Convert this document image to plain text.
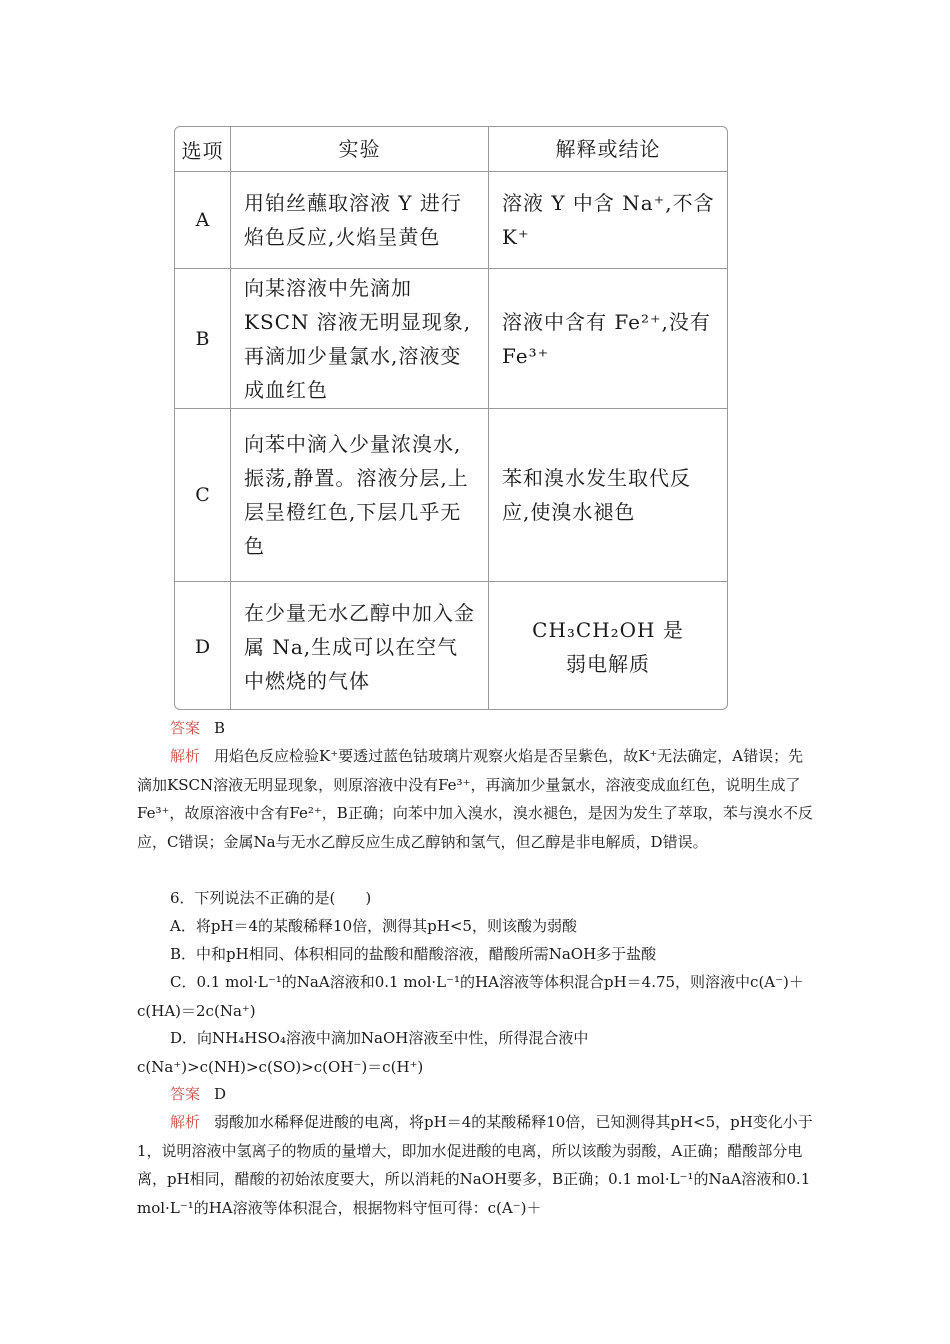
选项	实验	解释或结论
A
用铂丝蘸取溶液 Y 进行焰色反应,火焰呈黄色
溶液 Y 中含 Na⁺,不含 K⁺
B
向某溶液中先滴加 KSCN 溶液无明显现象,再滴加少量氯水,溶液变成血红色
溶液中含有 Fe²⁺,没有 Fe³⁺
C
向苯中滴入少量浓溴水,振荡,静置。溶液分层,上层呈橙红色,下层几乎无色
苯和溴水发生取代反应,使溴水褪色
D
在少量无水乙醇中加入金属 Na,生成可以在空气中燃烧的气体
CH₃CH₂OH 是弱电解质

答案 B

解析 用焰色反应检验K⁺要透过蓝色钴玻璃片观察火焰是否呈紫色，故K⁺无法确定，A错误；先滴加KSCN溶液无明显现象，则原溶液中没有Fe³⁺，再滴加少量氯水，溶液变成血红色，说明生成了Fe³⁺，故原溶液中含有Fe²⁺，B正确；向苯中加入溴水，溴水褪色，是因为发生了萃取，苯与溴水不反应，C错误；金属Na与无水乙醇反应生成乙醇钠和氢气，但乙醇是非电解质，D错误。

6．下列说法不正确的是(　　)

A．将pH＝4的某酸稀释10倍，测得其pH<5，则该酸为弱酸

B．中和pH相同、体积相同的盐酸和醋酸溶液，醋酸所需NaOH多于盐酸

C．0.1 mol·L⁻¹的NaA溶液和0.1 mol·L⁻¹的HA溶液等体积混合pH＝4.75，则溶液中c(A⁻)＋c(HA)＝2c(Na⁺)

D．向NH₄HSO₄溶液中滴加NaOH溶液至中性，所得混合液中c(Na⁺)>c(NH)>c(SO)>c(OH⁻)＝c(H⁺)

答案 D

解析 弱酸加水稀释促进酸的电离，将pH＝4的某酸稀释10倍，已知测得其pH<5，pH变化小于1，说明溶液中氢离子的物质的量增大，即加水促进酸的电离，所以该酸为弱酸，A正确；醋酸部分电离，pH相同，醋酸的初始浓度要大，所以消耗的NaOH要多，B正确；0.1 mol·L⁻¹的NaA溶液和0.1 mol·L⁻¹的HA溶液等体积混合，根据物料守恒可得：c(A⁻)＋
